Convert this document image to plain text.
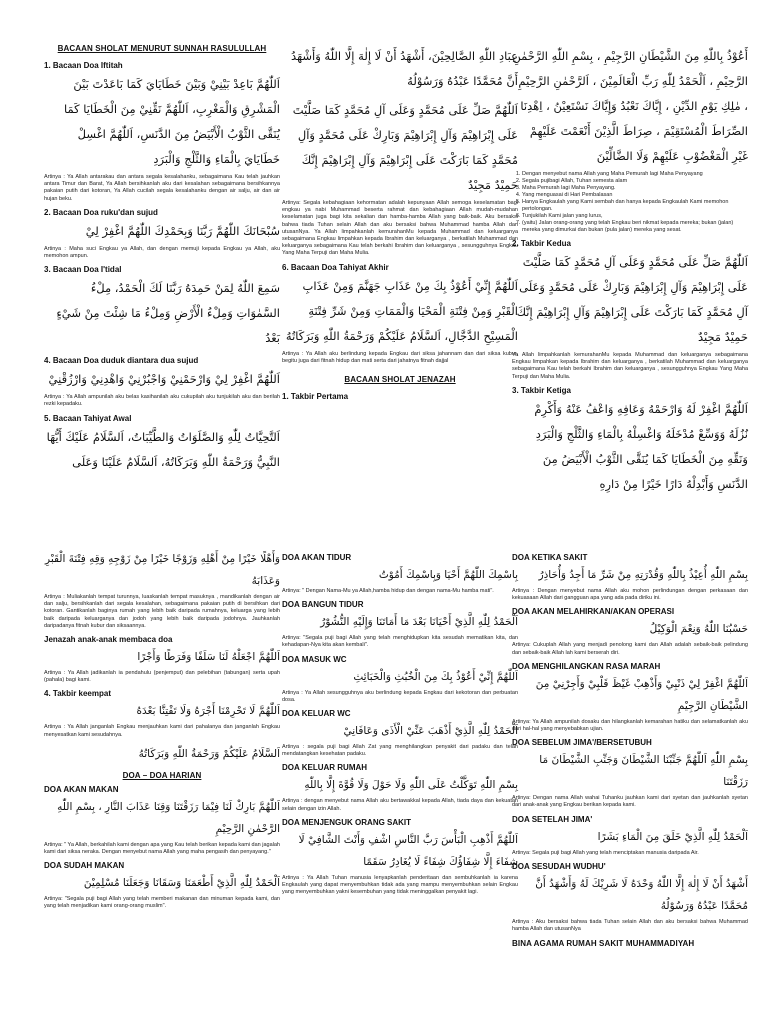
BACAAN SHOLAT MENURUT SUNNAH RASULULLAH
1. Bacaan Doa Iftitah

اَللّٰهُمَّ بَاعِدْ بَيْنِيْ وَبَيْنَ خَطَايَايَ كَمَا بَاعَدْتَ بَيْنَ الْمَشْرِقِ وَالْمَغْرِبِ، اَللّٰهُمَّ نَقِّنِيْ مِنَ الْخَطَايَا كَمَا يُنَقَّى الثَّوْبُ الْأَبْيَضُ مِنَ الدَّنَسِ، اَللّٰهُمَّ اغْسِلْ خَطَايَايَ بِالْمَاءِ وَالثَّلْجِ وَالْبَرَدِ

Artinya : Ya Allah antarakau dan antara segala kesalahanku, sebagaimana Kau telah jauhkan antara Timur dan Barat, Ya Allah bersihkanlah aku dari kesalahan sebagaimana bersihkannya pakaian putih dari kotoran, Ya Allah cucilah segala kesalahanku dengan air salju, air dan air hujan beku.

2. Bacaan Doa ruku'dan sujud

سُبْحَانَكَ اللّٰهُمَّ رَبَّنَا وَبِحَمْدِكَ اللّٰهُمَّ اغْفِرْ لِيْ

Artinya : Maha suci Engkau ya Allah, dan dengan memuji kepada Engkau ya Allah, aku memohon ampun.

3. Bacaan Doa I'tidal

سَمِعَ اللّٰهُ لِمَنْ حَمِدَهُ رَبَّنَا لَكَ الْحَمْدُ، مِلْءُ السَّمٰوَاتِ وَمِلْءُ الْأَرْضِ وَمِلْءُ مَا شِئْتَ مِنْ شَيْءٍ بَعْدُ

4. Bacaan Doa duduk diantara dua sujud

اَللّٰهُمَّ اغْفِرْ لِيْ وَارْحَمْنِيْ وَاجْبُرْنِيْ وَاهْدِنِيْ وَارْزُقْنِيْ

Artinya : Ya Allah ampunilah aku belas kasihanilah aku cukupilah aku tunjukilah aku dan berilah rezki kepadaku.

5. Bacaan Tahiyat Awal

اَلتَّحِيَّاتُ لِلّٰهِ وَالصَّلَوَاتُ وَالطَّيِّبَاتُ، اَلسَّلَامُ عَلَيْكَ أَيُّهَا النَّبِيُّ وَرَحْمَةُ اللّٰهِ وَبَرَكَاتُهُ، اَلسَّلَامُ عَلَيْنَا وَعَلَى

عِبَادِ اللّٰهِ الصَّالِحِيْنَ، أَشْهَدُ أَنْ لَا إِلٰهَ إِلَّا اللّٰهُ وَأَشْهَدُ أَنَّ مُحَمَّدًا عَبْدُهُ وَرَسُوْلُهُ

اَللّٰهُمَّ صَلِّ عَلَى مُحَمَّدٍ وَعَلَى آلِ مُحَمَّدٍ كَمَا صَلَّيْتَ عَلَى إِبْرَاهِيْمَ وَآلِ إِبْرَاهِيْمَ وَبَارِكْ عَلَى مُحَمَّدٍ وَآلِ مُحَمَّدٍ كَمَا بَارَكْتَ عَلَى إِبْرَاهِيْمَ وَآلِ إِبْرَاهِيْمَ إِنَّكَ حَمِيْدٌ مَجِيْدٌ

Artinya: Segala kebahagiaan kehormatan adalah kepunyaan Allah semoga keselamatan bagi engkau ya nabi Muhammad beserta rahmat dan kebahagiaan Allah mudah-mudahan keselamatan juga bagi kita sekalian dan hamba-hamba Allah yang baik-baik. Aku bersaksi bahwa tiada Tuhan selain Allah dan aku bersaksi bahwa Muhammad hamba Allah dan utusanNya. Ya Allah limpahkanlah kemurahanMu kepada Muhammad dan keluarganya sebagaimana Engkau limpahkan kepada Ibrahim dan keluarganya , berkatilah Muhammad dan keluarganya sebagaimana Kau telah berkahi Ibrahim dan keluarganya , sesungguhnya Engkau Yang Maha Terpuji dan Maha Mulia.

6. Bacaan Doa Tahiyat Akhir

اَللّٰهُمَّ إِنِّيْ أَعُوْذُ بِكَ مِنْ عَذَابِ جَهَنَّمَ وَمِنْ عَذَابِ الْقَبْرِ وَمِنْ فِتْنَةِ الْمَحْيَا وَالْمَمَاتِ وَمِنْ شَرِّ فِتْنَةِ الْمَسِيْحِ الدَّجَّالِ، اَلسَّلَامُ عَلَيْكُمْ وَرَحْمَةُ اللّٰهِ وَبَرَكَاتُهُ

Artinya : Ya Allah aku berlindung kepada Engkau dari siksa jahannam dan dari siksa kubur, begitu juga dari fitnah hidup dan mati serta dari jahatnya fitnah dajjal

BACAAN SHOLAT JENAZAH
1. Takbir Pertama

أَعُوْذُ بِاللّٰهِ مِنَ الشَّيْطَانِ الرَّجِيْمِ ، بِسْمِ اللّٰهِ الرَّحْمٰنِ الرَّحِيْمِ ، اَلْحَمْدُ لِلّٰهِ رَبِّ الْعَالَمِيْنَ ، اَلرَّحْمٰنِ الرَّحِيْمِ ، مٰلِكِ يَوْمِ الدِّيْنِ ، إِيَّاكَ نَعْبُدُ وَإِيَّاكَ نَسْتَعِيْنُ ، اِهْدِنَا الصِّرَاطَ الْمُسْتَقِيْمَ ، صِرَاطَ الَّذِيْنَ أَنْعَمْتَ عَلَيْهِمْ غَيْرِ الْمَغْضُوْبِ عَلَيْهِمْ وَلَا الضَّالِّيْنَ

1. Dengan menyebut nama Allah yang Maha Pemurah lagi Maha Penyayang
2. Segala pujibagi Allah, Tuhan semesta alam
3. Maha Pemurah lagi Maha Penyayang.
4. Yang menguasai di Hari Pembalasan
5. Hanya Engkaulah yang Kami sembah dan hanya kepada Engkaulah Kami memohon pertolongan.
6. Tunjukilah Kami jalan yang lurus,
7. (yaitu) Jalan orang-orang yang telah Engkau beri nikmat kepada mereka; bukan (jalan) mereka yang dimurkai dan bukan (pula jalan) mereka yang sesat.
2. Takbir Kedua

اَللّٰهُمَّ صَلِّ عَلَى مُحَمَّدٍ وَعَلَى آلِ مُحَمَّدٍ كَمَا صَلَّيْتَ عَلَى إِبْرَاهِيْمَ وَآلِ إِبْرَاهِيْمَ وَبَارِكْ عَلَى مُحَمَّدٍ وَعَلَى آلِ مُحَمَّدٍ كَمَا بَارَكْتَ عَلَى إِبْرَاهِيْمَ وَآلِ إِبْرَاهِيْمَ إِنَّكَ حَمِيْدٌ مَجِيْدٌ

Ya Allah limpahkanlah kemurahanMu kepada Muhammad dan keluarganya sebagaimana Engkau limpahkan kepada Ibrahim dan keluarganya , berkatilah Muhammad dan keluarganya sebagaimana Kau telah berkahi Ibrahim dan keluarganya , sesungguhnya Engkau Yang Maha Terpuji dan Maha Mulia.

3. Takbir Ketiga

اَللّٰهُمَّ اغْفِرْ لَهُ وَارْحَمْهُ وَعَافِهِ وَاعْفُ عَنْهُ وَأَكْرِمْ نُزُلَهُ وَوَسِّعْ مُدْخَلَهُ وَاغْسِلْهُ بِالْمَاءِ وَالثَّلْجِ وَالْبَرَدِ وَنَقِّهِ مِنَ الْخَطَايَا كَمَا يُنَقَّى الثَّوْبُ الْأَبْيَضُ مِنَ الدَّنَسِ وَأَبْدِلْهُ دَارًا خَيْرًا مِنْ دَارِهِ

وَأَهْلًا خَيْرًا مِنْ أَهْلِهِ وَزَوْجًا خَيْرًا مِنْ زَوْجِهِ وَقِهِ فِتْنَةَ الْقَبْرِ وَعَذَابَهُ

Artinya : Muliakanlah tempat turunnya, luaskanlah tempat masuknya , mandikanlah dengan air dan salju, bersihkanlah dari segala kesalahan, sebagaimana pakaian putih di bersihkan dari kotoran. Gantikanlah baginya rumah yang lebih baik daripada rumahnya, keluarga yang lebih baik daripada keluarganya dan jodoh yang lebih baik daripada jodohnya. Jauhkanlah daripadanya fitnah kubur dan siksaannya.

Jenazah anak-anak membaca doa

اَللّٰهُمَّ اجْعَلْهُ لَنَا سَلَفًا وَفَرَطًا وَأَجْرًا

Artinya : Ya Allah jadikanlah ia pendahulu (penjemput) dan pelebihan (tabungan) serta upah (pahala) bagi kami.

4. Takbir keempat

اَللّٰهُمَّ لَا تَحْرِمْنَا أَجْرَهُ وَلَا تَفْتِنَّا بَعْدَهُ

Artinya : Ya Allah janganlah Engkau menjauhkan kami dari pahalanya dan janganlah Engkau menyesatkan kami sesudahnya.

اَلسَّلَامُ عَلَيْكُمْ وَرَحْمَةُ اللّٰهِ وَبَرَكَاتُهُ

DOA – DOA HARIAN
DOA AKAN MAKAN

اَللّٰهُمَّ بَارِكْ لَنَا فِيْمَا رَزَقْتَنَا وَقِنَا عَذَابَ النَّارِ ، بِسْمِ اللّٰهِ الرَّحْمٰنِ الرَّحِيْمِ

Artinya: " Ya Allah, berkahilah kami dengan apa yang Kau telah berikan kepada kami dan jagalah kami dari siksa neraka. Dengan menyebut nama Allah yang maha pengasih dan penyayang."

DOA SUDAH MAKAN

اَلْحَمْدُ لِلّٰهِ الَّذِيْ أَطْعَمَنَا وَسَقَانَا وَجَعَلَنَا مُسْلِمِيْنَ

Artinya: "Segala puji bagi Allah yang telah memberi makanan dan minuman kepada kami, dan yang telah menjadikan kami orang-orang muslim".

DOA AKAN TIDUR

بِاسْمِكَ اللّٰهُمَّ أَحْيَا وَبِاسْمِكَ أَمُوْتُ

Artinya: " Dengan Nama-Mu ya Allah,hamba hidup dan dengan nama-Mu hamba mati".

DOA BANGUN TIDUR

اَلْحَمْدُ لِلّٰهِ الَّذِيْ أَحْيَانَا بَعْدَ مَا أَمَاتَنَا وَإِلَيْهِ النُّشُوْرُ

Artinya: "Segala puji bagi Allah yang telah menghidupkan kita sesudah mematikan kita, dan kehadapan-Nya kita akan kembali".

DOA MASUK WC

اَللّٰهُمَّ إِنِّيْ أَعُوْذُ بِكَ مِنَ الْخُبُثِ وَالْخَبَائِثِ

Artinya : Ya Allah sesungguhnya aku berlindung kepada Engkau dari kekotoran dan perbuatan dosa.

DOA KELUAR WC

اَلْحَمْدُ لِلّٰهِ الَّذِيْ أَذْهَبَ عَنِّيْ الْأَذَى وَعَافَانِيْ

Artinya : segala puji bagi Allah Zat yang menghilangkan penyakit dari padaku dan telah mendatangkan kesehatan padaku.

DOA KELUAR RUMAH

بِسْمِ اللّٰهِ تَوَكَّلْتُ عَلَى اللّٰهِ وَلَا حَوْلَ وَلَا قُوَّةَ إِلَّا بِاللّٰهِ

Artinya : dengan menyebut nama Allah aku bertawakkal kepada Allah, tiada daya dan kekuatan selain dengan izin Allah.

DOA MENJENGUK ORANG SAKIT

اَللّٰهُمَّ أَذْهِبِ الْبَأْسَ رَبَّ النَّاسِ اشْفِ وَأَنْتَ الشَّافِيْ لَا شِفَاءَ إِلَّا شِفَاؤُكَ شِفَاءً لَا يُغَادِرُ سَقَمًا

Artinya : Ya Allah Tuhan manusia lenyapkanlah penderitaan dan sembuhkanlah ia karena Engkaulah yang dapat menyembuhkan tidak ada yang mampu menyembuhkan selain Engkau yang menyembuhkan yakni kesembuhan yang tidak meninggalkan penyakit lagi.

DOA KETIKA SAKIT

بِسْمِ اللّٰهِ أُعِيْذُ بِاللّٰهِ وَقُدْرَتِهِ مِنْ شَرِّ مَا أَجِدُ وَأُحَاذِرُ

Artinya : Dengan menyebut nama Allah aku mohon perlindungan dengan perkasaan dan kekuasaan Allah dari gangguan apa yang ada pada diriku ini.

DOA AKAN MELAHIRKAN/AKAN OPERASI

حَسْبُنَا اللّٰهُ وَنِعْمَ الْوَكِيْلُ

Artinya: Cukuplah Allah yang menjadi penolong kami dan Allah adalah sebaik-baik pelindung dan sebaik-baik Allah lah kami berserah diri.

DOA MENGHILANGKAN RASA MARAH

اَللّٰهُمَّ اغْفِرْ لِيْ ذَنْبِيْ وَأَذْهِبْ غَيْظَ قَلْبِيْ وَأَجِرْنِيْ مِنَ الشَّيْطَانِ الرَّجِيْمِ

Artinya: Ya Allah ampunilah dosaku dan hilangkanlah kemarahan hatiku dan selamatkanlah aku dari hal-hal yang menyebabkan ujian.

DOA SEBELUM JIMA'/BERSETUBUH

بِسْمِ اللّٰهِ اَللّٰهُمَّ جَنِّبْنَا الشَّيْطَانَ وَجَنِّبِ الشَّيْطَانَ مَا رَزَقْتَنَا

Artinya: Dengan nama Allah wahai Tuhanku jauhkan kami dari syetan dan jauhkanlah syetan dari anak-anak yang Engkau berikan kepada kami.

DOA SETELAH JIMA'

اَلْحَمْدُ لِلّٰهِ الَّذِيْ خَلَقَ مِنَ الْمَاءِ بَشَرًا

Artinya: Segala puji bagi Allah yang telah menciptakan manusia daripada Air.

DOA SESUDAH WUDHU'

أَشْهَدُ أَنْ لَا إِلٰهَ إِلَّا اللّٰهُ وَحْدَهُ لَا شَرِيْكَ لَهُ وَأَشْهَدُ أَنَّ مُحَمَّدًا عَبْدُهُ وَرَسُوْلُهُ

Artinya : Aku bersaksi bahwa tiada Tuhan selain Allah dan aku bersaksi bahwa Muhammad hamba Allah dan utusanNya

BINA AGAMA RUMAH SAKIT MUHAMMADIYAH
